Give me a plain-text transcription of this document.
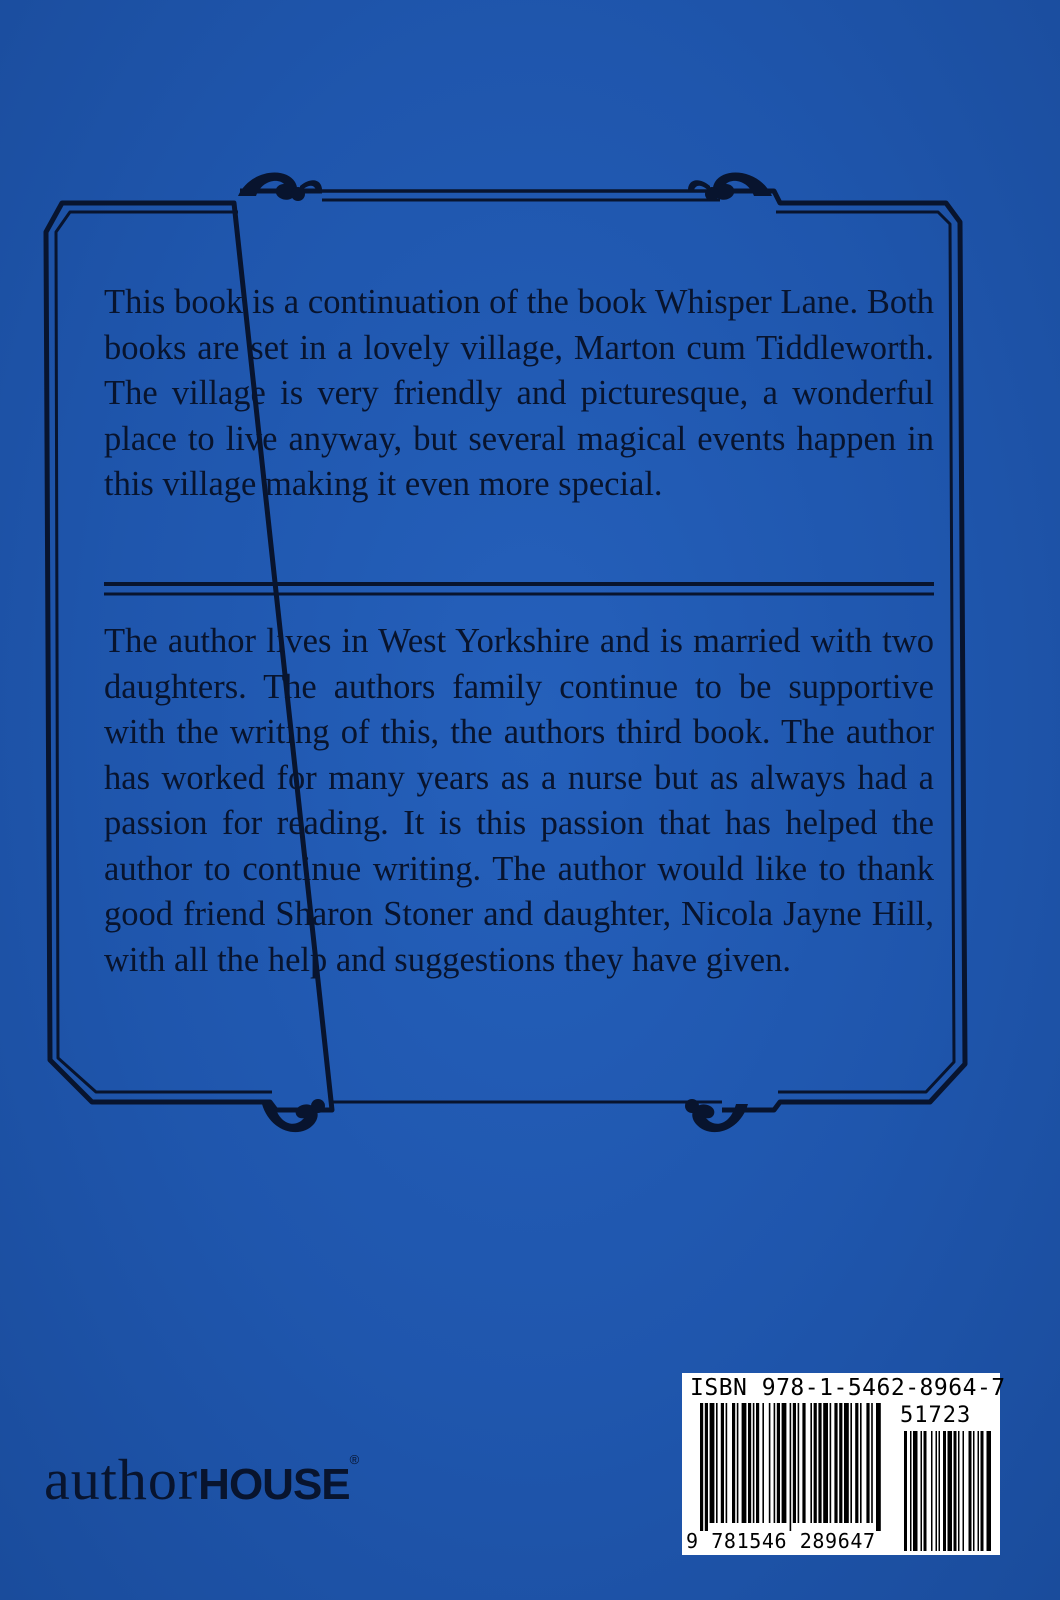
This book is a continuation of the book Whisper Lane. Both books are set in a lovely village, Marton cum Tiddleworth. The village is very friendly and picturesque, a wonderful place to live anyway, but several magical events happen in this village making it even more special.

The author lives in West Yorkshire and is married with two daughters. The authors family continue to be supportive with the writing of this, the authors third book. The author has worked for many years as a nurse but as always had a passion for reading. It is this passion that has helped the author to continue writing. The author would like to thank good friend Sharon Stoner and daughter, Nicola Jayne Hill, with all the help and suggestions they have given.

authorHOUSE®
ISBN 978-1-5462-8964-7
51723
9 781546 289647
